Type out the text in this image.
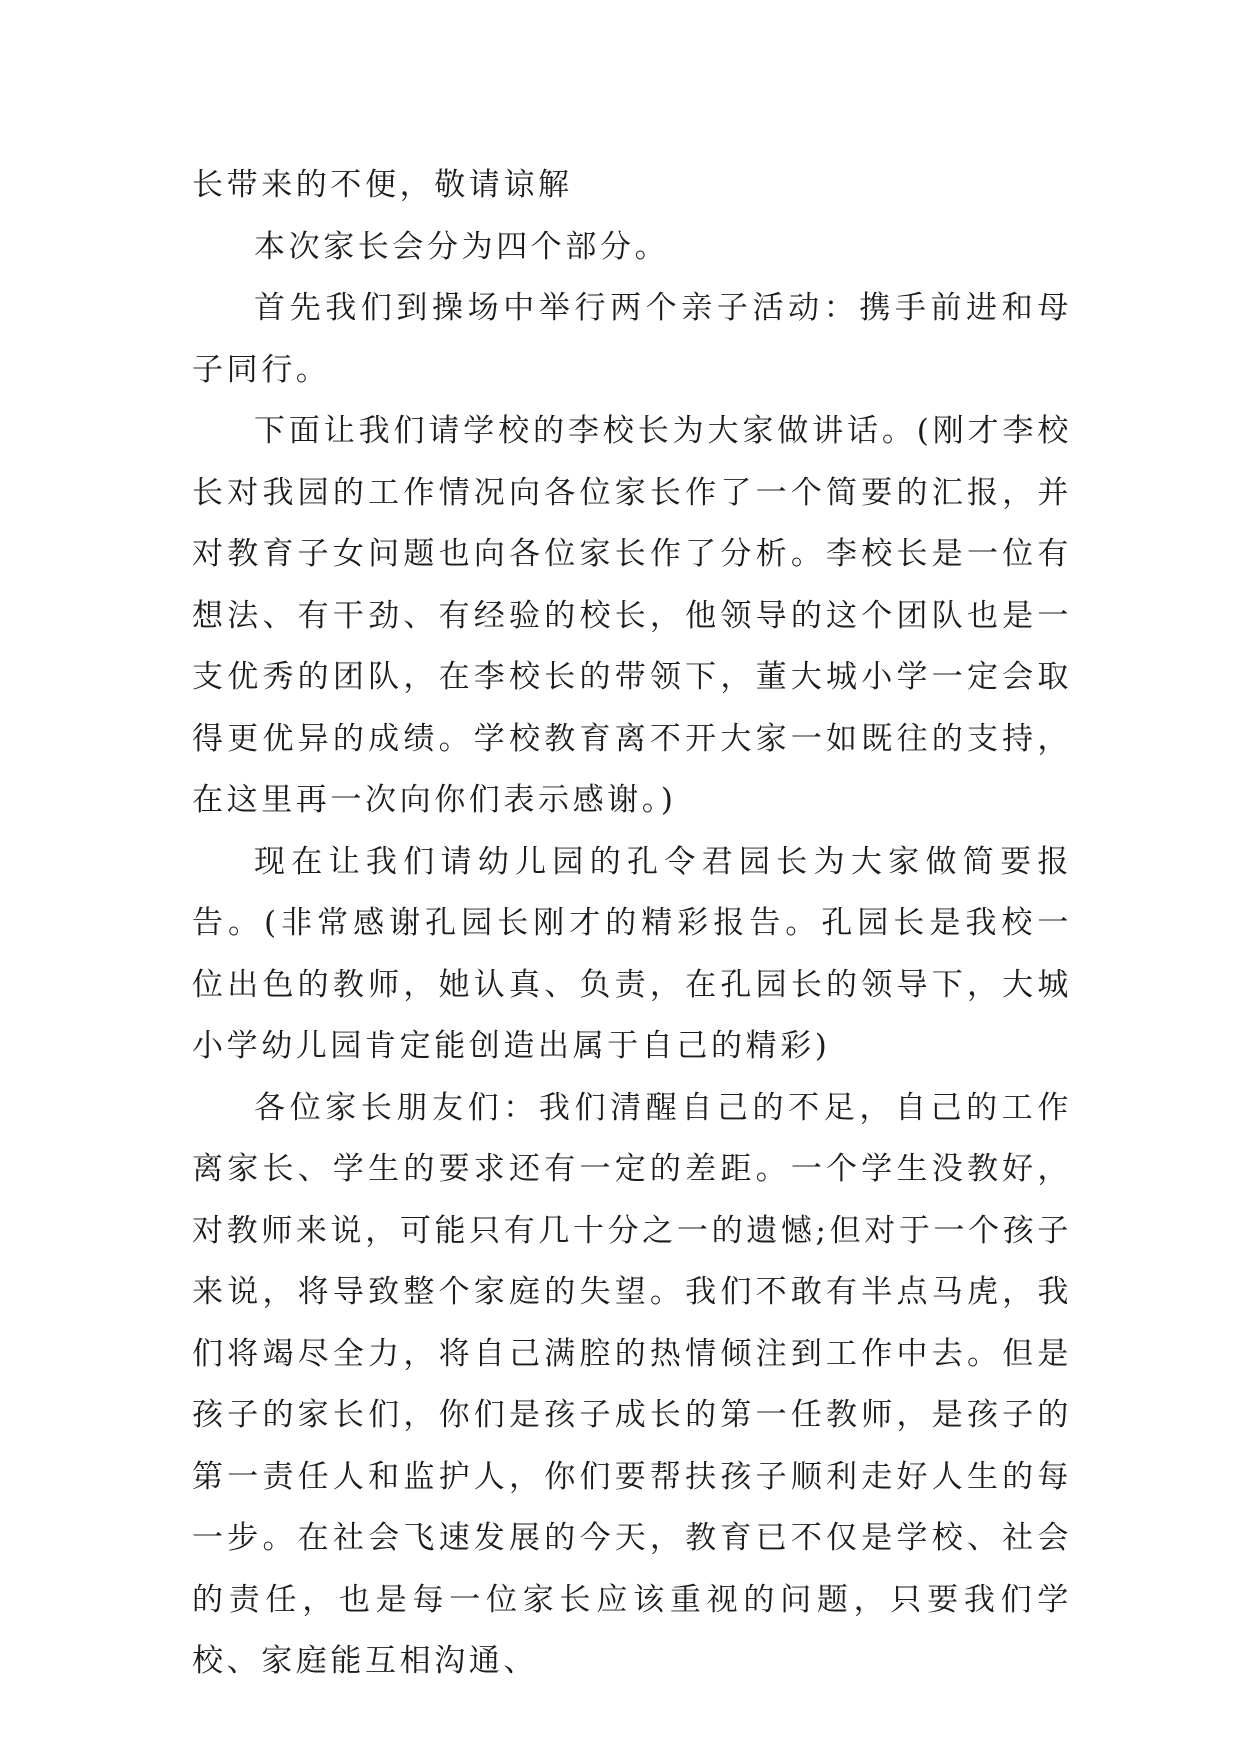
长带来的不便，敬请谅解

本次家长会分为四个部分。

首先我们到操场中举行两个亲子活动：携手前进和母子同行。

下面让我们请学校的李校长为大家做讲话。(刚才李校长对我园的工作情况向各位家长作了一个简要的汇报，并对教育子女问题也向各位家长作了分析。李校长是一位有想法、有干劲、有经验的校长，他领导的这个团队也是一支优秀的团队，在李校长的带领下，董大城小学一定会取得更优异的成绩。学校教育离不开大家一如既往的支持，在这里再一次向你们表示感谢。)

现在让我们请幼儿园的孔令君园长为大家做简要报告。(非常感谢孔园长刚才的精彩报告。孔园长是我校一位出色的教师，她认真、负责，在孔园长的领导下，大城小学幼儿园肯定能创造出属于自己的精彩)

各位家长朋友们：我们清醒自己的不足，自己的工作离家长、学生的要求还有一定的差距。一个学生没教好，对教师来说，可能只有几十分之一的遗憾;但对于一个孩子来说，将导致整个家庭的失望。我们不敢有半点马虎，我们将竭尽全力，将自己满腔的热情倾注到工作中去。但是孩子的家长们，你们是孩子成长的第一任教师，是孩子的第一责任人和监护人，你们要帮扶孩子顺利走好人生的每一步。在社会飞速发展的今天，教育已不仅是学校、社会的责任，也是每一位家长应该重视的问题，只要我们学校、家庭能互相沟通、
